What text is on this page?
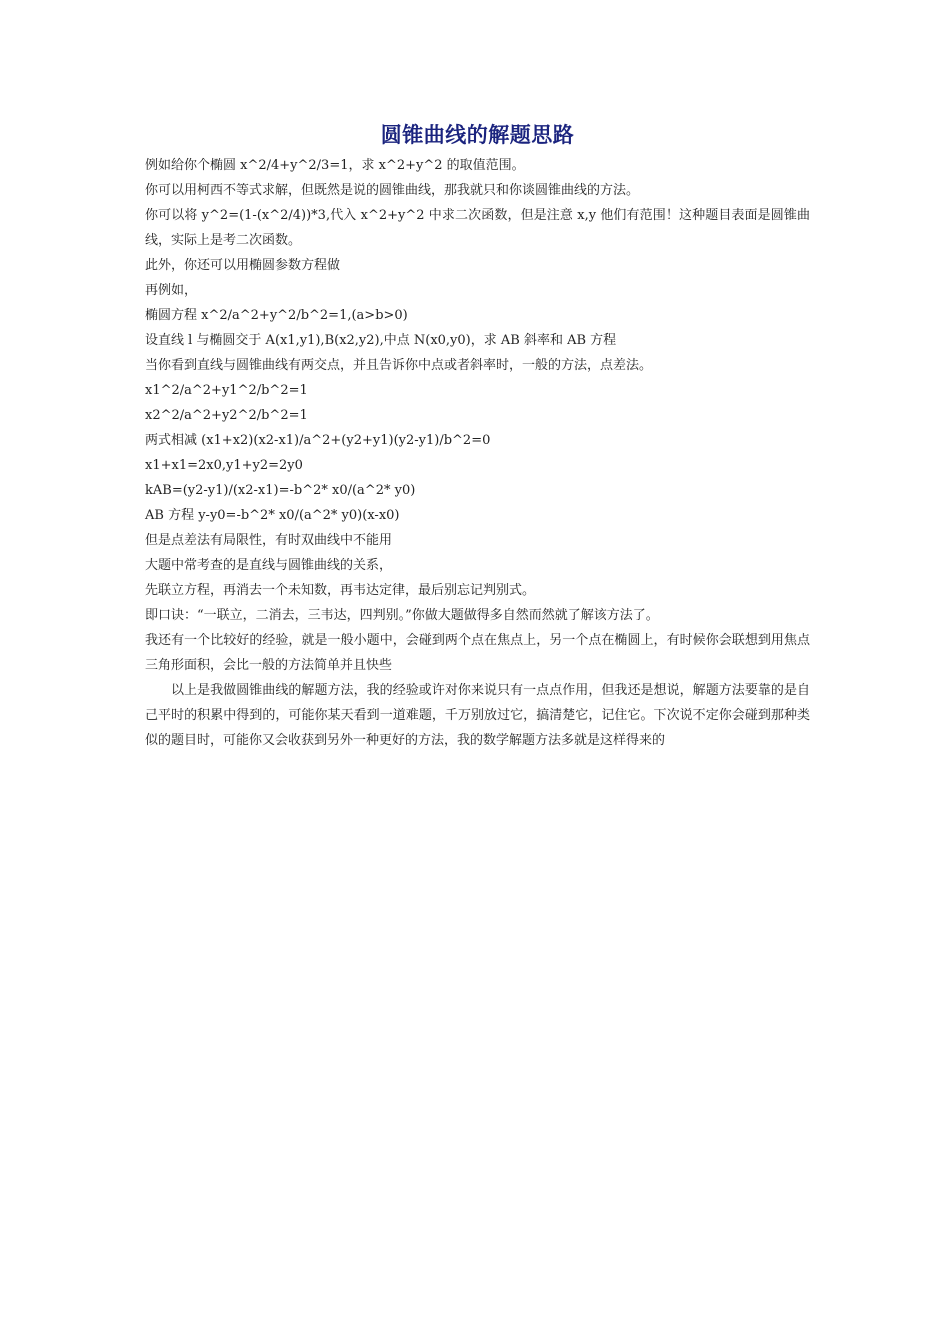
圆锥曲线的解题思路

例如给你个椭圆 x^2/4+y^2/3=1，求 x^2+y^2 的取值范围。

你可以用柯西不等式求解，但既然是说的圆锥曲线，那我就只和你谈圆锥曲线的方法。

你可以将 y^2=(1-(x^2/4))*3,代入 x^2+y^2 中求二次函数，但是注意 x,y 他们有范围！这种题目表面是圆锥曲线，实际上是考二次函数。

此外，你还可以用椭圆参数方程做

再例如，

椭圆方程 x^2/a^2+y^2/b^2=1,(a>b>0)

设直线 l 与椭圆交于 A(x1,y1),B(x2,y2),中点 N(x0,y0)，求 AB 斜率和 AB 方程

当你看到直线与圆锥曲线有两交点，并且告诉你中点或者斜率时，一般的方法，点差法。

x1^2/a^2+y1^2/b^2=1

x2^2/a^2+y2^2/b^2=1

两式相减 (x1+x2)(x2-x1)/a^2+(y2+y1)(y2-y1)/b^2=0

x1+x1=2x0,y1+y2=2y0

kAB=(y2-y1)/(x2-x1)=-b^2* x0/(a^2* y0)

AB 方程 y-y0=-b^2* x0/(a^2* y0)(x-x0)

但是点差法有局限性，有时双曲线中不能用

大题中常考查的是直线与圆锥曲线的关系，

先联立方程，再消去一个未知数，再韦达定律，最后别忘记判别式。

即口诀：“一联立，二消去，三韦达，四判别。”你做大题做得多自然而然就了解该方法了。

我还有一个比较好的经验，就是一般小题中，会碰到两个点在焦点上，另一个点在椭圆上，有时候你会联想到用焦点三角形面积，会比一般的方法简单并且快些

以上是我做圆锥曲线的解题方法，我的经验或许对你来说只有一点点作用，但我还是想说，解题方法要靠的是自己平时的积累中得到的，可能你某天看到一道难题，千万别放过它，搞清楚它，记住它。下次说不定你会碰到那种类似的题目时，可能你又会收获到另外一种更好的方法，我的数学解题方法多就是这样得来的
